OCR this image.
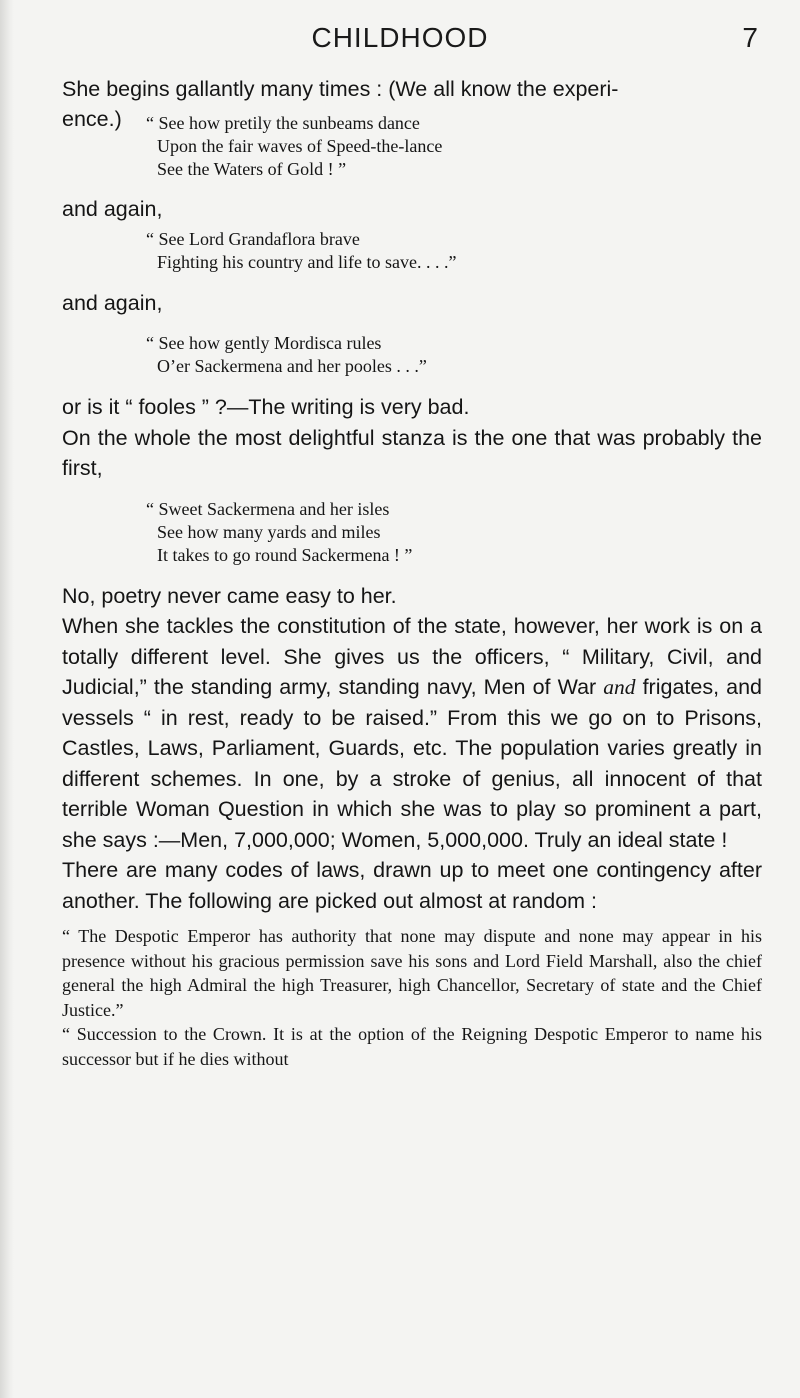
CHILDHOOD	7

She begins gallantly many times : (We all know the experi-

ence.) “ See how pretily the sunbeams dance
Upon the fair waves of Speed-the-lance
See the Waters of Gold ! ”

and again,

“ See Lord Grandaflora brave
Fighting his country and life to save. . . .”

and again,

“ See how gently Mordisca rules
O’er Sackermena and her pooles . . .”

or is it “ fooles ” ?—The writing is very bad.

On the whole the most delightful stanza is the one that was probably the first,

“ Sweet Sackermena and her isles
See how many yards and miles
It takes to go round Sackermena ! ”

No, poetry never came easy to her.

When she tackles the constitution of the state, however, her work is on a totally different level. She gives us the officers, “ Military, Civil, and Judicial,” the standing army, standing navy, Men of War and frigates, and vessels “ in rest, ready to be raised.” From this we go on to Prisons, Castles, Laws, Parliament, Guards, etc. The population varies greatly in different schemes. In one, by a stroke of genius, all innocent of that terrible Woman Question in which she was to play so prominent a part, she says :—Men, 7,000,000; Women, 5,000,000. Truly an ideal state !

There are many codes of laws, drawn up to meet one contingency after another. The following are picked out almost at random :

“ The Despotic Emperor has authority that none may dispute and none may appear in his presence without his gracious permission save his sons and Lord Field Marshall, also the chief general the high Admiral the high Treasurer, high Chancellor, Secretary of state and the Chief Justice.”

“ Succession to the Crown. It is at the option of the Reigning Despotic Emperor to name his successor but if he dies without
